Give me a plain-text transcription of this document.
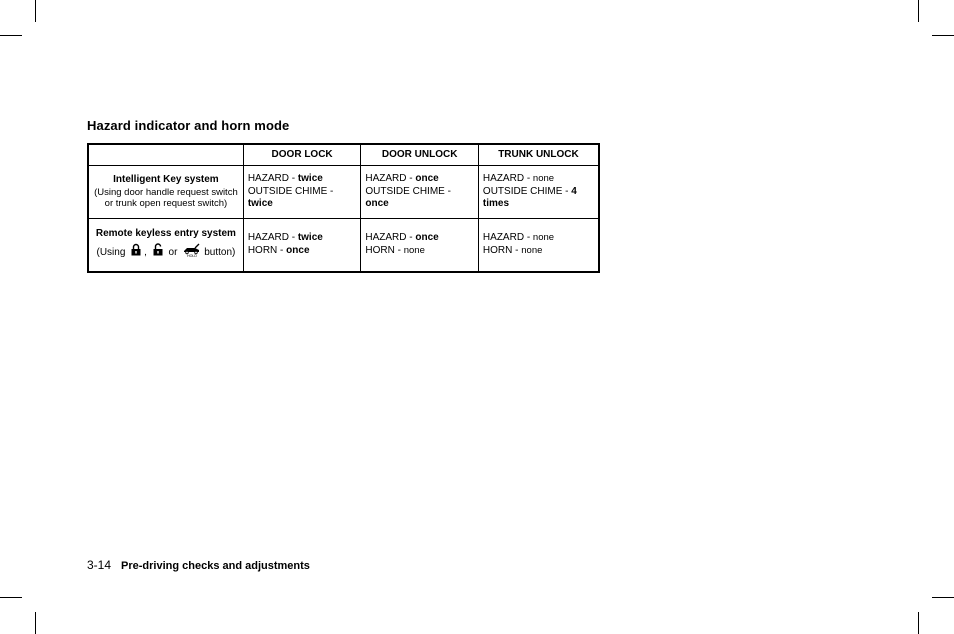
Hazard indicator and horn mode
	DOOR LOCK	DOOR UNLOCK	TRUNK UNLOCK

Intelligent Key system
(Using door handle request switch or trunk open request switch)	HAZARD - twice
OUTSIDE CHIME -
twice	HAZARD - once
OUTSIDE CHIME -
once	HAZARD - none
OUTSIDE CHIME - 4 times

Remote keyless entry system
(Using , or HOLD button)	HAZARD - twice
HORN - once	HAZARD - once
HORN - none	HAZARD - none
HORN - none
3-14 Pre-driving checks and adjustments
